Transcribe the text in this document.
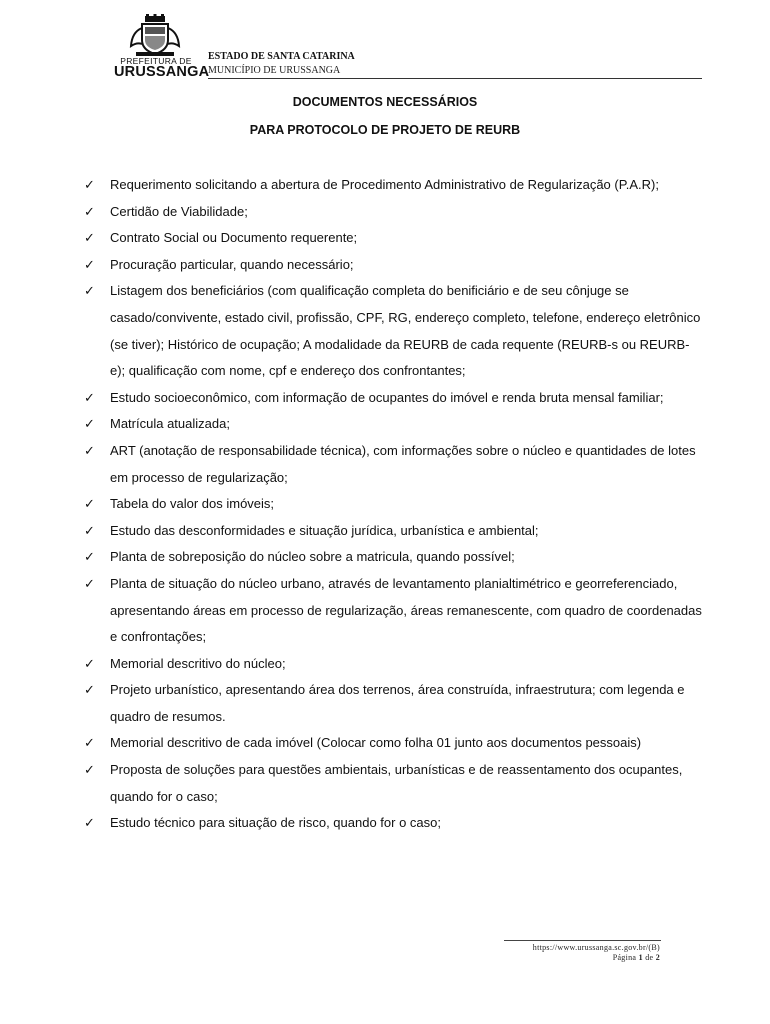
PREFEITURA DE
URUSSANGA
ESTADO DE SANTA CATARINA
MUNICÍPIO DE URUSSANGA
DOCUMENTOS NECESSÁRIOS
PARA PROTOCOLO DE PROJETO DE REURB
✓ Requerimento solicitando a abertura de Procedimento Administrativo de Regularização (P.A.R);
✓ Certidão de Viabilidade;
✓ Contrato Social ou Documento requerente;
✓ Procuração particular, quando necessário;
✓ Listagem dos beneficiários (com qualificação completa do benificiário e de seu cônjuge se casado/convivente, estado civil, profissão, CPF, RG, endereço completo, telefone, endereço eletrônico (se tiver); Histórico de ocupação; A modalidade da REURB de cada requente (REURB-s ou REURB-e); qualificação com nome, cpf e endereço dos confrontantes;
✓ Estudo socioeconômico, com informação de ocupantes do imóvel e renda bruta mensal familiar;
✓ Matrícula atualizada;
✓ ART (anotação de responsabilidade técnica), com informações sobre o núcleo e quantidades de lotes em processo de regularização;
✓ Tabela do valor dos imóveis;
✓ Estudo das desconformidades e situação jurídica, urbanística e ambiental;
✓ Planta de sobreposição do núcleo sobre a matricula, quando possível;
✓ Planta de situação do núcleo urbano, através de levantamento planialtimétrico e georreferenciado, apresentando áreas em processo de regularização, áreas remanescente, com quadro de coordenadas e confrontações;
✓ Memorial descritivo do núcleo;
✓ Projeto urbanístico, apresentando área dos terrenos, área construída, infraestrutura; com legenda e quadro de resumos.
✓ Memorial descritivo de cada imóvel (Colocar como folha 01 junto aos documentos pessoais)
✓ Proposta de soluções para questões ambientais, urbanísticas e de reassentamento dos ocupantes, quando for o caso;
✓ Estudo técnico para situação de risco, quando for o caso;
https://www.urussanga.sc.gov.br/(B)
Página 1 de 2
